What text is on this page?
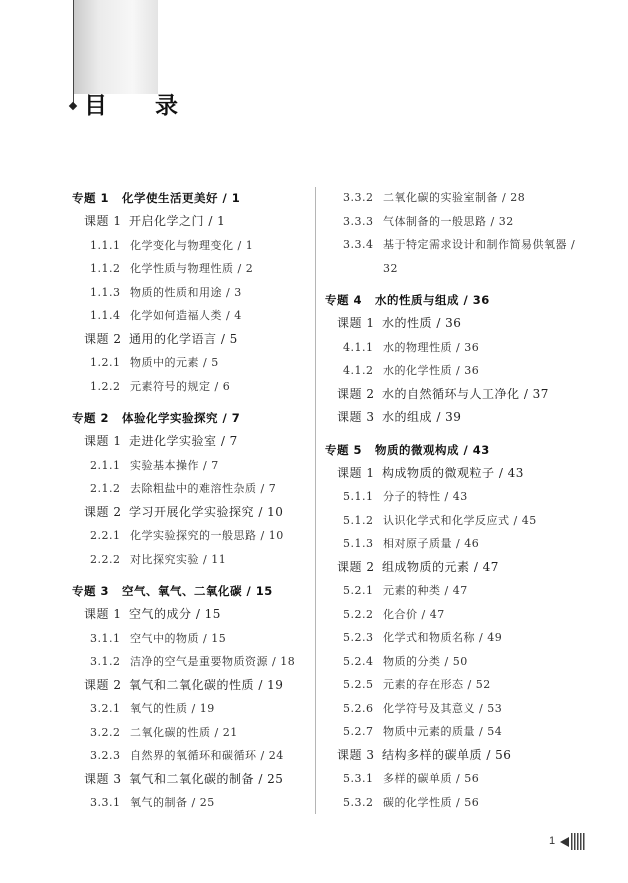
目 录
专题 1 化学使生活更美好 / 1
课题 1 开启化学之门 / 1
1.1.1 化学变化与物理变化 / 1
1.1.2 化学性质与物理性质 / 2
1.1.3 物质的性质和用途 / 3
1.1.4 化学如何造福人类 / 4
课题 2 通用的化学语言 / 5
1.2.1 物质中的元素 / 5
1.2.2 元素符号的规定 / 6
专题 2 体验化学实验探究 / 7
课题 1 走进化学实验室 / 7
2.1.1 实验基本操作 / 7
2.1.2 去除粗盐中的难溶性杂质 / 7
课题 2 学习开展化学实验探究 / 10
2.2.1 化学实验探究的一般思路 / 10
2.2.2 对比探究实验 / 11
专题 3 空气、氧气、二氧化碳 / 15
课题 1 空气的成分 / 15
3.1.1 空气中的物质 / 15
3.1.2 洁净的空气是重要物质资源 / 18
课题 2 氧气和二氧化碳的性质 / 19
3.2.1 氧气的性质 / 19
3.2.2 二氧化碳的性质 / 21
3.2.3 自然界的氧循环和碳循环 / 24
课题 3 氧气和二氧化碳的制备 / 25
3.3.1 氧气的制备 / 25
3.3.2 二氧化碳的实验室制备 / 28
3.3.3 气体制备的一般思路 / 32
3.3.4 基于特定需求设计和制作简易供氧器 / 32
专题 4 水的性质与组成 / 36
课题 1 水的性质 / 36
4.1.1 水的物理性质 / 36
4.1.2 水的化学性质 / 36
课题 2 水的自然循环与人工净化 / 37
课题 3 水的组成 / 39
专题 5 物质的微观构成 / 43
课题 1 构成物质的微观粒子 / 43
5.1.1 分子的特性 / 43
5.1.2 认识化学式和化学反应式 / 45
5.1.3 相对原子质量 / 46
课题 2 组成物质的元素 / 47
5.2.1 元素的种类 / 47
5.2.2 化合价 / 47
5.2.3 化学式和物质名称 / 49
5.2.4 物质的分类 / 50
5.2.5 元素的存在形态 / 52
5.2.6 化学符号及其意义 / 53
5.2.7 物质中元素的质量 / 54
课题 3 结构多样的碳单质 / 56
5.3.1 多样的碳单质 / 56
5.3.2 碳的化学性质 / 56
1
